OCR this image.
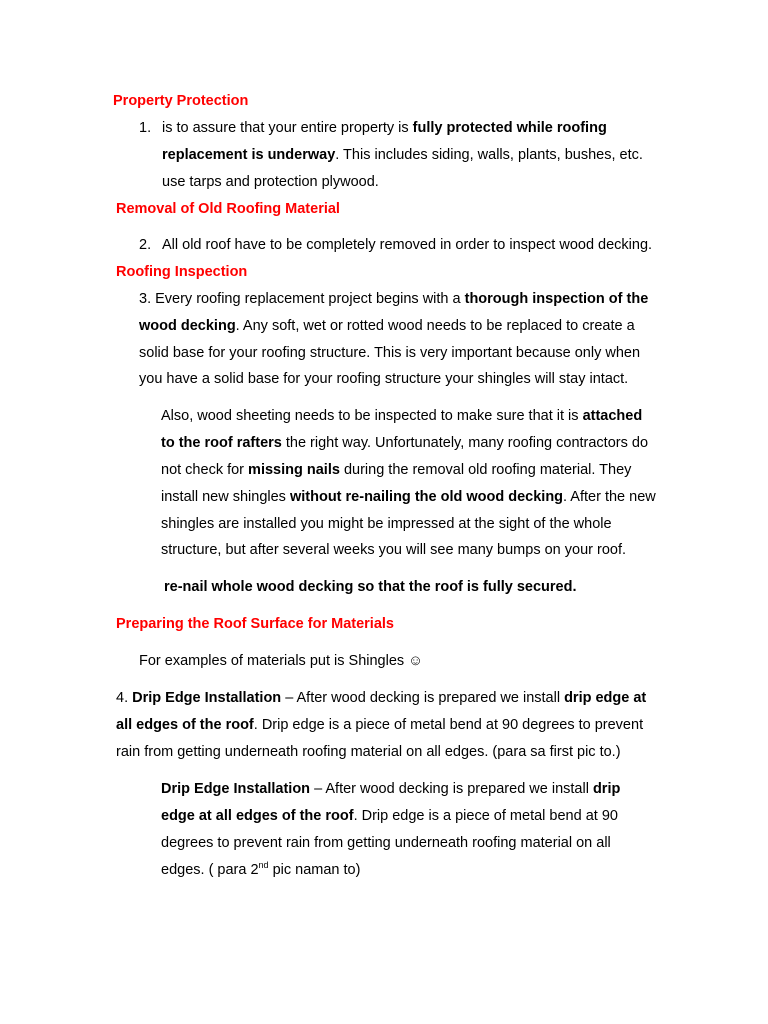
Property Protection
1. is to assure that your entire property is fully protected while roofing
replacement is underway. This includes siding, walls, plants, bushes, etc.
use tarps and protection plywood.
Removal of Old Roofing Material
2. All old roof have to be completely removed in order to inspect wood decking.
Roofing Inspection
3. Every roofing replacement project begins with a thorough inspection of the
wood decking. Any soft, wet or rotted wood needs to be replaced to create a
solid base for your roofing structure. This is very important because only when
you have a solid base for your roofing structure your shingles will stay intact.
Also, wood sheeting needs to be inspected to make sure that it is attached
to the roof rafters the right way. Unfortunately, many roofing contractors do
not check for missing nails during the removal old roofing material. They
install new shingles without re-nailing the old wood decking. After the new
shingles are installed you might be impressed at the sight of the whole
structure, but after several weeks you will see many bumps on your roof.
re-nail whole wood decking so that the roof is fully secured.
Preparing the Roof Surface for Materials
For examples of materials put is Shingles ☺
4. Drip Edge Installation – After wood decking is prepared we install drip edge at
all edges of the roof. Drip edge is a piece of metal bend at 90 degrees to prevent
rain from getting underneath roofing material on all edges. (para sa first pic to.)
Drip Edge Installation – After wood decking is prepared we install drip
edge at all edges of the roof. Drip edge is a piece of metal bend at 90
degrees to prevent rain from getting underneath roofing material on all
edges. ( para 2nd pic naman to)
